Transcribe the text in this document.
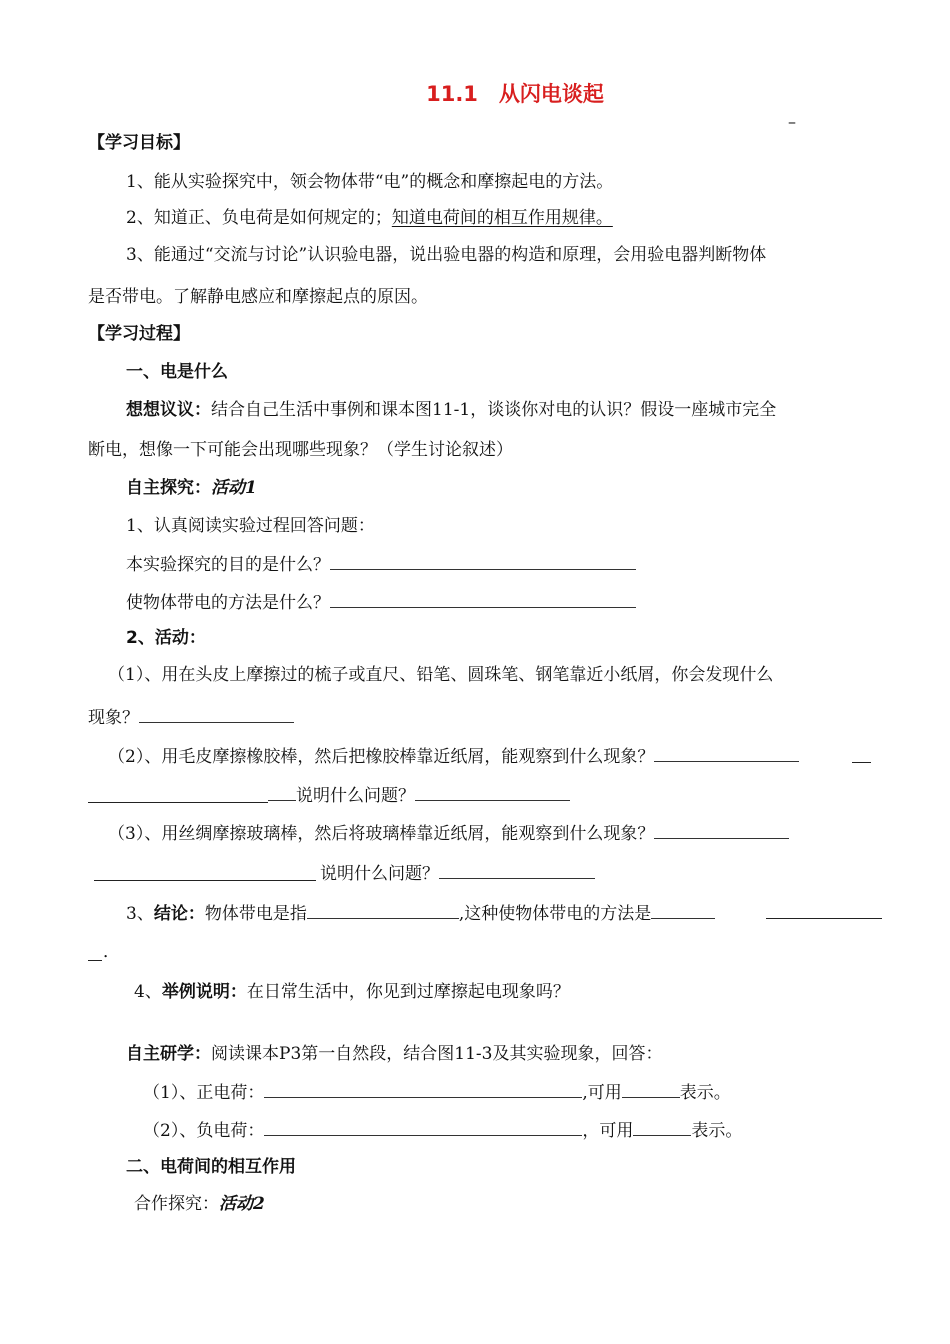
11.1　从闪电谈起
–
【学习目标】
1、能从实验探究中，领会物体带“电”的概念和摩擦起电的方法。
2、知道正、负电荷是如何规定的；知道电荷间的相互作用规律。
3、能通过“交流与讨论”认识验电器，说出验电器的构造和原理，会用验电器判断物体
是否带电。了解静电感应和摩擦起点的原因。
【学习过程】
一、电是什么
想想议议：结合自己生活中事例和课本图11-1，谈谈你对电的认识？假设一座城市完全
断电，想像一下可能会出现哪些现象？（学生讨论叙述）
自主探究：活动1
1、认真阅读实验过程回答问题：
本实验探究的目的是什么？
使物体带电的方法是什么？
2、活动：
（1）、用在头皮上摩擦过的梳子或直尺、铅笔、圆珠笔、钢笔靠近小纸屑，你会发现什么
现象？
（2）、用毛皮摩擦橡胶棒，然后把橡胶棒靠近纸屑，能观察到什么现象？
说明什么问题？
（3）、用丝绸摩擦玻璃棒，然后将玻璃棒靠近纸屑，能观察到什么现象？
说明什么问题？
3、结论：物体带电是指	,这种使物体带电的方法是
．
4、举例说明：在日常生活中，你见到过摩擦起电现象吗？
自主研学：阅读课本P3第一自然段，结合图11-3及其实验现象，回答：
（1）、正电荷：	,可用	表示。
（2）、负电荷：	，可用	表示。
二、电荷间的相互作用
合作探究：活动2
